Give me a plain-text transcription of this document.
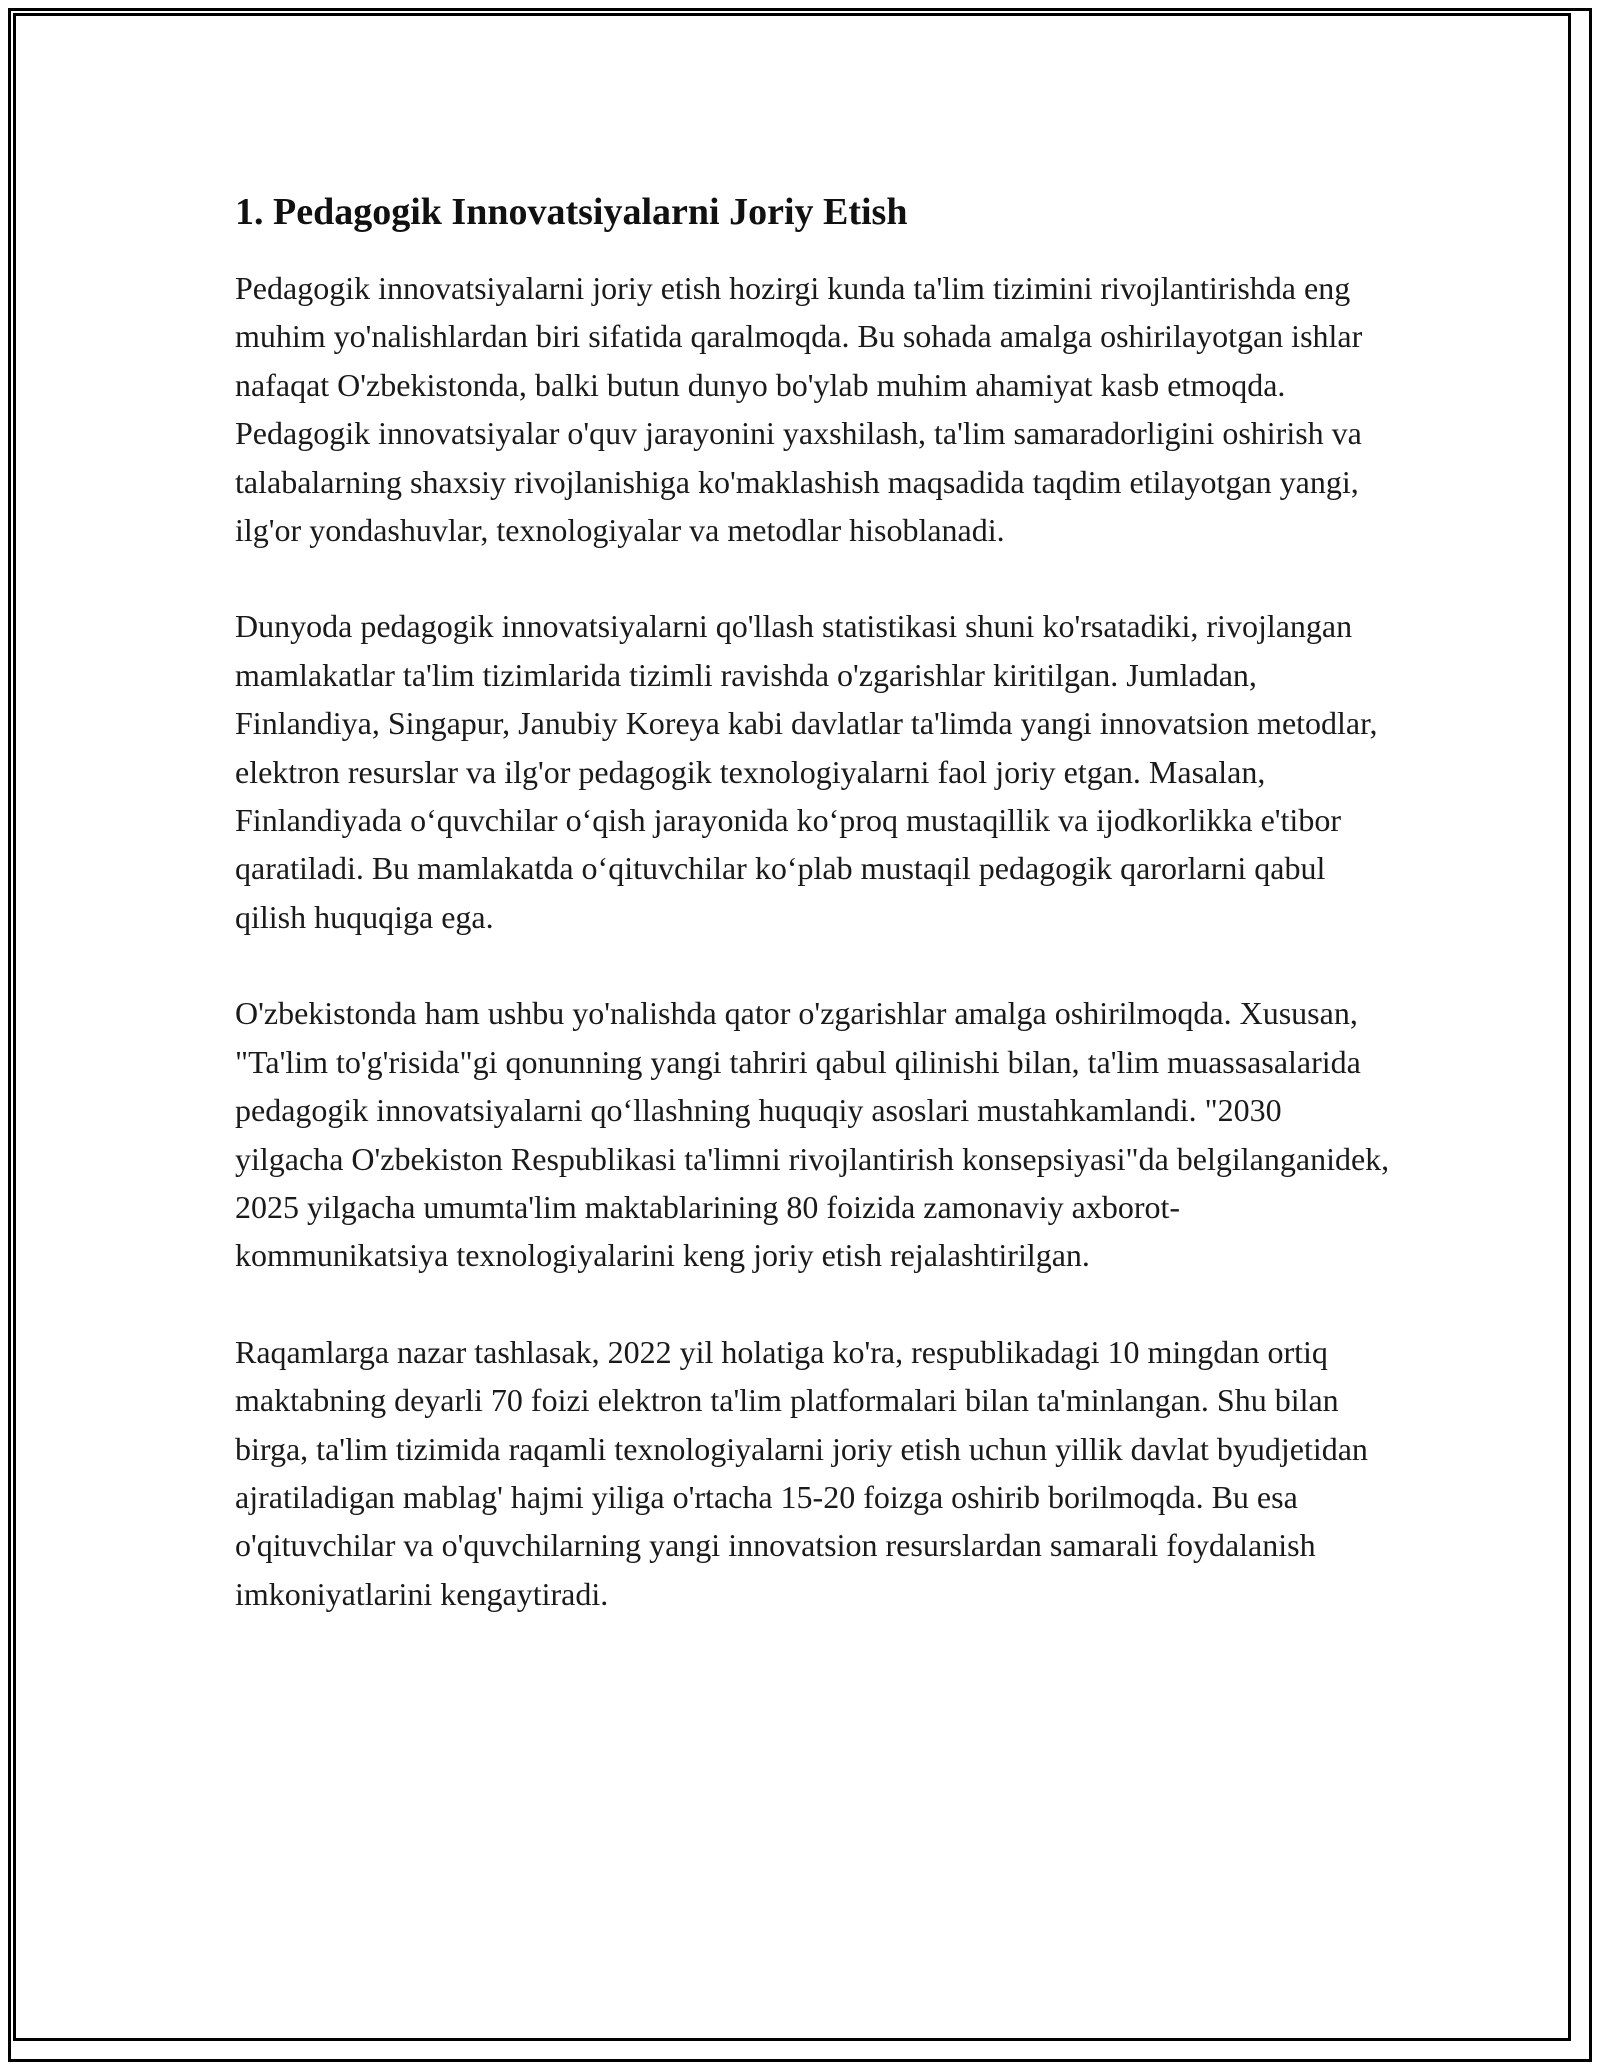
1. Pedagogik Innovatsiyalarni Joriy Etish

Pedagogik innovatsiyalarni joriy etish hozirgi kunda ta'lim tizimini rivojlantirishda eng muhim yo'nalishlardan biri sifatida qaralmoqda. Bu sohada amalga oshirilayotgan ishlar nafaqat O'zbekistonda, balki butun dunyo bo'ylab muhim ahamiyat kasb etmoqda. Pedagogik innovatsiyalar o'quv jarayonini yaxshilash, ta'lim samaradorligini oshirish va talabalarning shaxsiy rivojlanishiga ko'maklashish maqsadida taqdim etilayotgan yangi, ilg'or yondashuvlar, texnologiyalar va metodlar hisoblanadi.

Dunyoda pedagogik innovatsiyalarni qo'llash statistikasi shuni ko'rsatadiki, rivojlangan mamlakatlar ta'lim tizimlarida tizimli ravishda o'zgarishlar kiritilgan. Jumladan, Finlandiya, Singapur, Janubiy Koreya kabi davlatlar ta'limda yangi innovatsion metodlar, elektron resurslar va ilg'or pedagogik texnologiyalarni faol joriy etgan. Masalan, Finlandiyada o‘quvchilar o‘qish jarayonida ko‘proq mustaqillik va ijodkorlikka e'tibor qaratiladi. Bu mamlakatda o‘qituvchilar ko‘plab mustaqil pedagogik qarorlarni qabul qilish huquqiga ega.

O'zbekistonda ham ushbu yo'nalishda qator o'zgarishlar amalga oshirilmoqda. Xususan, "Ta'lim to'g'risida"gi qonunning yangi tahriri qabul qilinishi bilan, ta'lim muassasalarida pedagogik innovatsiyalarni qo‘llashning huquqiy asoslari mustahkamlandi. "2030 yilgacha O'zbekiston Respublikasi ta'limni rivojlantirish konsepsiyasi"da belgilanganidek, 2025 yilgacha umumta'lim maktablarining 80 foizida zamonaviy axborot-kommunikatsiya texnologiyalarini keng joriy etish rejalashtirilgan.

Raqamlarga nazar tashlasak, 2022 yil holatiga ko'ra, respublikadagi 10 mingdan ortiq maktabning deyarli 70 foizi elektron ta'lim platformalari bilan ta'minlangan. Shu bilan birga, ta'lim tizimida raqamli texnologiyalarni joriy etish uchun yillik davlat byudjetidan ajratiladigan mablag' hajmi yiliga o'rtacha 15-20 foizga oshirib borilmoqda. Bu esa o'qituvchilar va o'quvchilarning yangi innovatsion resurslardan samarali foydalanish imkoniyatlarini kengaytiradi.
